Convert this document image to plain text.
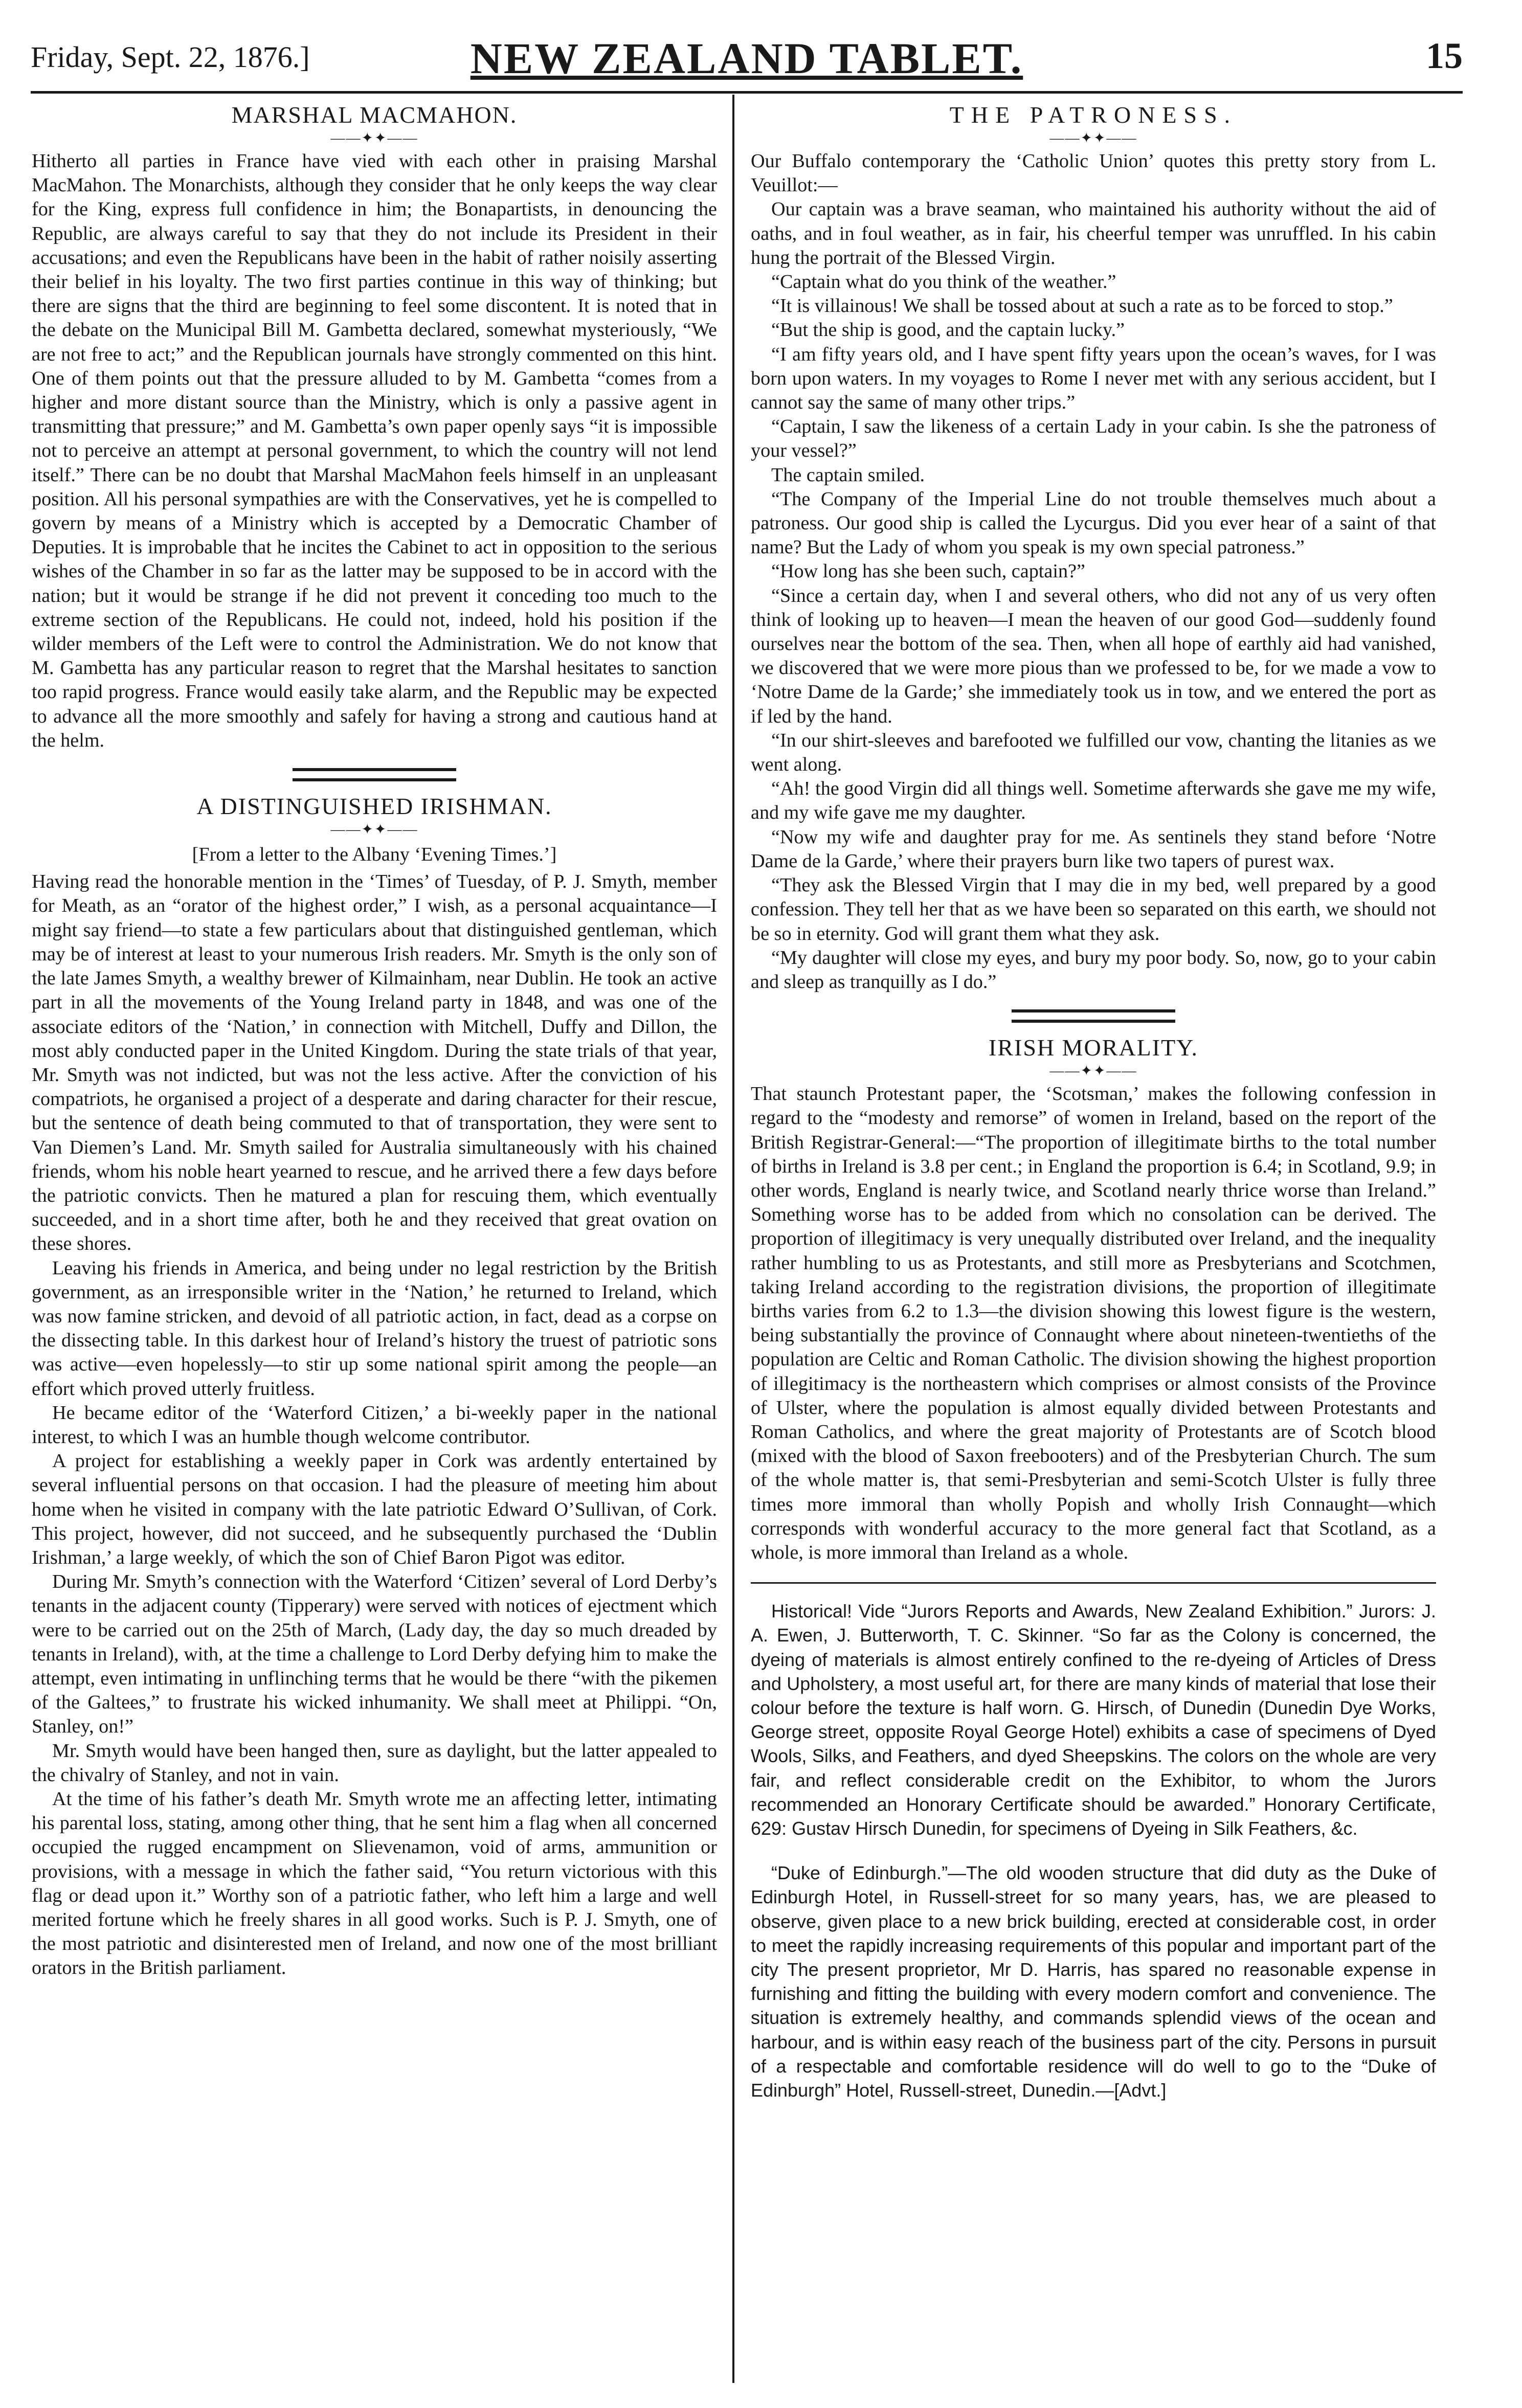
Friday, Sept. 22, 1876.]	NEW ZEALAND TABLET.	15
MARSHAL MACMAHON.
——✦✦——

Hitherto all parties in France have vied with each other in praising Marshal MacMahon. The Monarchists, although they consider that he only keeps the way clear for the King, express full confidence in him; the Bonapartists, in denouncing the Republic, are always careful to say that they do not include its President in their accusations; and even the Republicans have been in the habit of rather noisily asserting their belief in his loyalty. The two first parties continue in this way of thinking; but there are signs that the third are beginning to feel some discontent. It is noted that in the debate on the Municipal Bill M. Gambetta declared, somewhat mysteriously, “We are not free to act;” and the Republican journals have strongly commented on this hint. One of them points out that the pressure alluded to by M. Gambetta “comes from a higher and more distant source than the Ministry, which is only a passive agent in transmitting that pressure;” and M. Gambetta’s own paper openly says “it is impossible not to perceive an attempt at personal government, to which the country will not lend itself.” There can be no doubt that Marshal MacMahon feels himself in an unpleasant position. All his personal sympathies are with the Conservatives, yet he is compelled to govern by means of a Ministry which is accepted by a Democratic Chamber of Deputies. It is improbable that he incites the Cabinet to act in opposition to the serious wishes of the Chamber in so far as the latter may be supposed to be in accord with the nation; but it would be strange if he did not prevent it conceding too much to the extreme section of the Republicans. He could not, indeed, hold his position if the wilder members of the Left were to control the Administration. We do not know that M. Gambetta has any particular reason to regret that the Marshal hesitates to sanction too rapid progress. France would easily take alarm, and the Republic may be expected to advance all the more smoothly and safely for having a strong and cautious hand at the helm.

A DISTINGUISHED IRISHMAN.
——✦✦——

[From a letter to the Albany ‘Evening Times.’]

Having read the honorable mention in the ‘Times’ of Tuesday, of P. J. Smyth, member for Meath, as an “orator of the highest order,” I wish, as a personal acquaintance—I might say friend—to state a few particulars about that distinguished gentleman, which may be of interest at least to your numerous Irish readers. Mr. Smyth is the only son of the late James Smyth, a wealthy brewer of Kilmainham, near Dublin. He took an active part in all the movements of the Young Ireland party in 1848, and was one of the associate editors of the ‘Nation,’ in connection with Mitchell, Duffy and Dillon, the most ably conducted paper in the United Kingdom. During the state trials of that year, Mr. Smyth was not indicted, but was not the less active. After the conviction of his compatriots, he organised a project of a desperate and daring character for their rescue, but the sentence of death being commuted to that of transportation, they were sent to Van Diemen’s Land. Mr. Smyth sailed for Australia simultaneously with his chained friends, whom his noble heart yearned to rescue, and he arrived there a few days before the patriotic convicts. Then he matured a plan for rescuing them, which eventually succeeded, and in a short time after, both he and they received that great ovation on these shores.

Leaving his friends in America, and being under no legal restriction by the British government, as an irresponsible writer in the ‘Nation,’ he returned to Ireland, which was now famine stricken, and devoid of all patriotic action, in fact, dead as a corpse on the dissecting table. In this darkest hour of Ireland’s history the truest of patriotic sons was active—even hopelessly—to stir up some national spirit among the people—an effort which proved utterly fruitless.

He became editor of the ‘Waterford Citizen,’ a bi-weekly paper in the national interest, to which I was an humble though welcome contributor.

A project for establishing a weekly paper in Cork was ardently entertained by several influential persons on that occasion. I had the pleasure of meeting him about home when he visited in company with the late patriotic Edward O’Sullivan, of Cork. This project, however, did not succeed, and he subsequently purchased the ‘Dublin Irishman,’ a large weekly, of which the son of Chief Baron Pigot was editor.

During Mr. Smyth’s connection with the Waterford ‘Citizen’ several of Lord Derby’s tenants in the adjacent county (Tipperary) were served with notices of ejectment which were to be carried out on the 25th of March, (Lady day, the day so much dreaded by tenants in Ireland), with, at the time a challenge to Lord Derby defying him to make the attempt, even intimating in unflinching terms that he would be there “with the pikemen of the Galtees,” to frustrate his wicked inhumanity. We shall meet at Philippi. “On, Stanley, on!”

Mr. Smyth would have been hanged then, sure as daylight, but the latter appealed to the chivalry of Stanley, and not in vain.

At the time of his father’s death Mr. Smyth wrote me an affecting letter, intimating his parental loss, stating, among other thing, that he sent him a flag when all concerned occupied the rugged encampment on Slievenamon, void of arms, ammunition or provisions, with a message in which the father said, “You return victorious with this flag or dead upon it.” Worthy son of a patriotic father, who left him a large and well merited fortune which he freely shares in all good works. Such is P. J. Smyth, one of the most patriotic and disinterested men of Ireland, and now one of the most brilliant orators in the British parliament.

THE PATRONESS.
——✦✦——

Our Buffalo contemporary the ‘Catholic Union’ quotes this pretty story from L. Veuillot:—

Our captain was a brave seaman, who maintained his authority without the aid of oaths, and in foul weather, as in fair, his cheerful temper was unruffled. In his cabin hung the portrait of the Blessed Virgin.

“Captain what do you think of the weather.”

“It is villainous! We shall be tossed about at such a rate as to be forced to stop.”

“But the ship is good, and the captain lucky.”

“I am fifty years old, and I have spent fifty years upon the ocean’s waves, for I was born upon waters. In my voyages to Rome I never met with any serious accident, but I cannot say the same of many other trips.”

“Captain, I saw the likeness of a certain Lady in your cabin. Is she the patroness of your vessel?”

The captain smiled.

“The Company of the Imperial Line do not trouble themselves much about a patroness. Our good ship is called the Lycurgus. Did you ever hear of a saint of that name? But the Lady of whom you speak is my own special patroness.”

“How long has she been such, captain?”

“Since a certain day, when I and several others, who did not any of us very often think of looking up to heaven—I mean the heaven of our good God—suddenly found ourselves near the bottom of the sea. Then, when all hope of earthly aid had vanished, we discovered that we were more pious than we professed to be, for we made a vow to ‘Notre Dame de la Garde;’ she immediately took us in tow, and we entered the port as if led by the hand.

“In our shirt-sleeves and barefooted we fulfilled our vow, chanting the litanies as we went along.

“Ah! the good Virgin did all things well. Sometime afterwards she gave me my wife, and my wife gave me my daughter.

“Now my wife and daughter pray for me. As sentinels they stand before ‘Notre Dame de la Garde,’ where their prayers burn like two tapers of purest wax.

“They ask the Blessed Virgin that I may die in my bed, well prepared by a good confession. They tell her that as we have been so separated on this earth, we should not be so in eternity. God will grant them what they ask.

“My daughter will close my eyes, and bury my poor body. So, now, go to your cabin and sleep as tranquilly as I do.”

IRISH MORALITY.
——✦✦——

That staunch Protestant paper, the ‘Scotsman,’ makes the following confession in regard to the “modesty and remorse” of women in Ireland, based on the report of the British Registrar-General:—“The proportion of illegitimate births to the total number of births in Ireland is 3.8 per cent.; in England the proportion is 6.4; in Scotland, 9.9; in other words, England is nearly twice, and Scotland nearly thrice worse than Ireland.” Something worse has to be added from which no consolation can be derived. The proportion of illegitimacy is very unequally distributed over Ireland, and the inequality rather humbling to us as Protestants, and still more as Presbyterians and Scotchmen, taking Ireland according to the registration divisions, the proportion of illegitimate births varies from 6.2 to 1.3—the division showing this lowest figure is the western, being substantially the province of Connaught where about nineteen-twentieths of the population are Celtic and Roman Catholic. The division showing the highest proportion of illegitimacy is the northeastern which comprises or almost consists of the Province of Ulster, where the population is almost equally divided between Protestants and Roman Catholics, and where the great majority of Protestants are of Scotch blood (mixed with the blood of Saxon freebooters) and of the Presbyterian Church. The sum of the whole matter is, that semi-Presbyterian and semi-Scotch Ulster is fully three times more immoral than wholly Popish and wholly Irish Connaught—which corresponds with wonderful accuracy to the more general fact that Scotland, as a whole, is more immoral than Ireland as a whole.

Historical! Vide “Jurors Reports and Awards, New Zealand Exhibition.” Jurors: J. A. Ewen, J. Butterworth, T. C. Skinner. “So far as the Colony is concerned, the dyeing of materials is almost entirely confined to the re-dyeing of Articles of Dress and Upholstery, a most useful art, for there are many kinds of material that lose their colour before the texture is half worn. G. Hirsch, of Dunedin (Dunedin Dye Works, George street, opposite Royal George Hotel) exhibits a case of specimens of Dyed Wools, Silks, and Feathers, and dyed Sheepskins. The colors on the whole are very fair, and reflect considerable credit on the Exhibitor, to whom the Jurors recommended an Honorary Certificate should be awarded.” Honorary Certificate, 629: Gustav Hirsch Dunedin, for specimens of Dyeing in Silk Feathers, &c.

“Duke of Edinburgh.”—The old wooden structure that did duty as the Duke of Edinburgh Hotel, in Russell-street for so many years, has, we are pleased to observe, given place to a new brick building, erected at considerable cost, in order to meet the rapidly increasing requirements of this popular and important part of the city The present proprietor, Mr D. Harris, has spared no reasonable expense in furnishing and fitting the building with every modern comfort and convenience. The situation is extremely healthy, and commands splendid views of the ocean and harbour, and is within easy reach of the business part of the city. Persons in pursuit of a respectable and comfortable residence will do well to go to the “Duke of Edinburgh” Hotel, Russell-street, Dunedin.—[Advt.]
